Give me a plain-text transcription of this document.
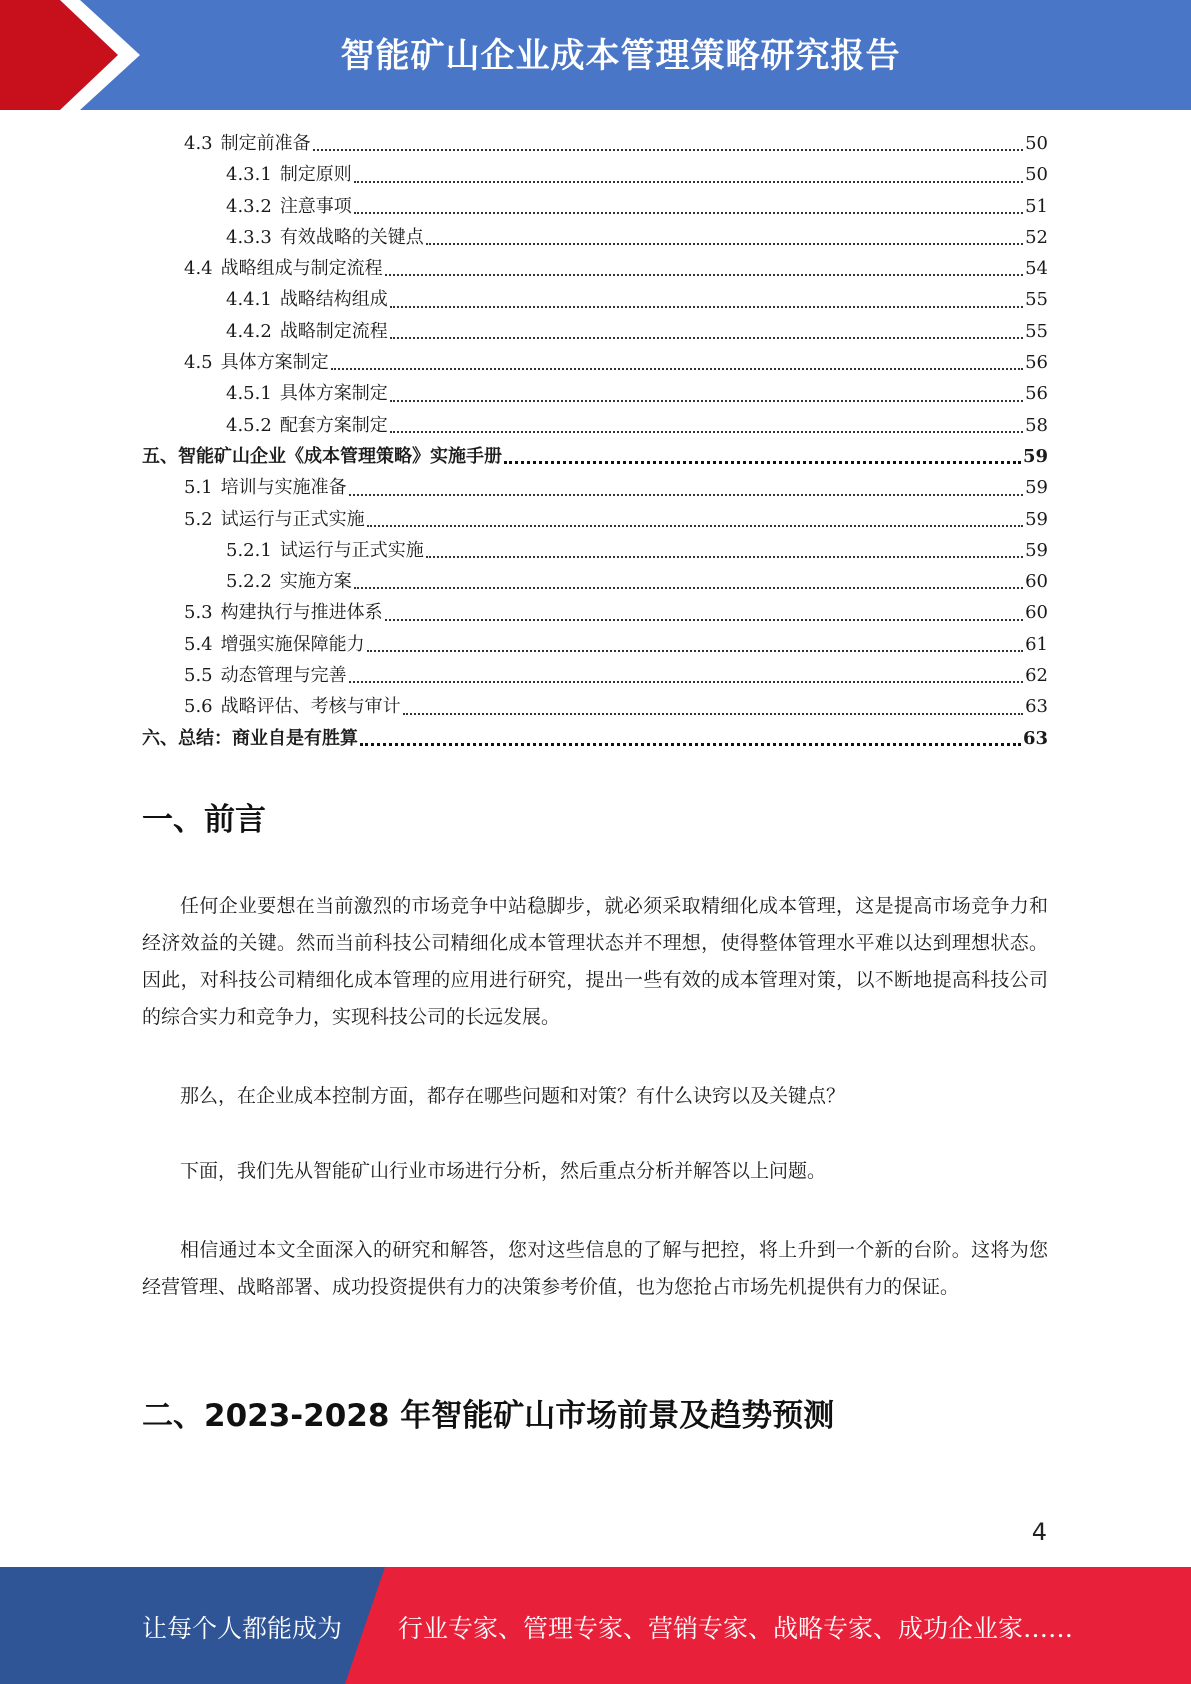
智能矿山企业成本管理策略研究报告
4.3 制定前准备	50
4.3.1 制定原则	50
4.3.2 注意事项	51
4.3.3 有效战略的关键点	52
4.4 战略组成与制定流程	54
4.4.1 战略结构组成	55
4.4.2 战略制定流程	55
4.5 具体方案制定	56
4.5.1 具体方案制定	56
4.5.2 配套方案制定	58
五、智能矿山企业《成本管理策略》实施手册	59
5.1 培训与实施准备	59
5.2 试运行与正式实施	59
5.2.1 试运行与正式实施	59
5.2.2 实施方案	60
5.3 构建执行与推进体系	60
5.4 增强实施保障能力	61
5.5 动态管理与完善	62
5.6 战略评估、考核与审计	63
六、总结：商业自是有胜算	63
一、前言
任何企业要想在当前激烈的市场竞争中站稳脚步，就必须采取精细化成本管理，这是提高市场竞争力和经济效益的关键。然而当前科技公司精细化成本管理状态并不理想，使得整体管理水平难以达到理想状态。因此，对科技公司精细化成本管理的应用进行研究，提出一些有效的成本管理对策，以不断地提高科技公司的综合实力和竞争力，实现科技公司的长远发展。
那么，在企业成本控制方面，都存在哪些问题和对策？有什么诀窍以及关键点？
下面，我们先从智能矿山行业市场进行分析，然后重点分析并解答以上问题。
相信通过本文全面深入的研究和解答，您对这些信息的了解与把控，将上升到一个新的台阶。这将为您经营管理、战略部署、成功投资提供有力的决策参考价值，也为您抢占市场先机提供有力的保证。
二、2023-2028 年智能矿山市场前景及趋势预测
4
让每个人都能成为 行业专家、管理专家、营销专家、战略专家、成功企业家……
